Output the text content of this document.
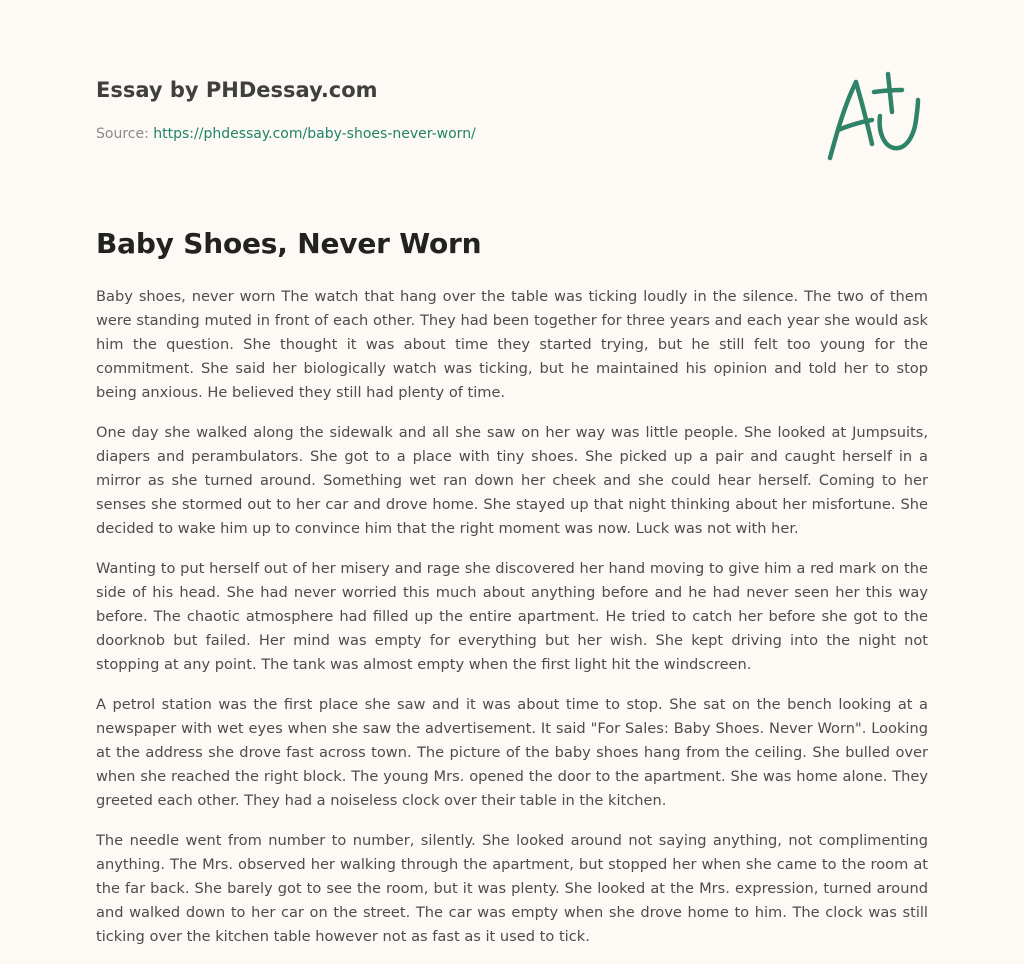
Essay by PHDessay.com
Source: https://phdessay.com/baby-shoes-never-worn/
Baby Shoes, Never Worn

Baby shoes, never worn The watch that hang over the table was ticking loudly in the silence. The two of them were standing muted in front of each other. They had been together for three years and each year she would ask him the question. She thought it was about time they started trying, but he still felt too young for the commitment. She said her biologically watch was ticking, but he maintained his opinion and told her to stop being anxious. He believed they still had plenty of time.

One day she walked along the sidewalk and all she saw on her way was little people. She looked at Jumpsuits, diapers and perambulators. She got to a place with tiny shoes. She picked up a pair and caught herself in a mirror as she turned around. Something wet ran down her cheek and she could hear herself. Coming to her senses she stormed out to her car and drove home. She stayed up that night thinking about her misfortune. She decided to wake him up to convince him that the right moment was now. Luck was not with her.

Wanting to put herself out of her misery and rage she discovered her hand moving to give him a red mark on the side of his head. She had never worried this much about anything before and he had never seen her this way before. The chaotic atmosphere had filled up the entire apartment. He tried to catch her before she got to the doorknob but failed. Her mind was empty for everything but her wish. She kept driving into the night not stopping at any point. The tank was almost empty when the first light hit the windscreen.

A petrol station was the first place she saw and it was about time to stop. She sat on the bench looking at a newspaper with wet eyes when she saw the advertisement. It said "For Sales: Baby Shoes. Never Worn". Looking at the address she drove fast across town. The picture of the baby shoes hang from the ceiling. She bulled over when she reached the right block. The young Mrs. opened the door to the apartment. She was home alone. They greeted each other. They had a noiseless clock over their table in the kitchen.

The needle went from number to number, silently. She looked around not saying anything, not complimenting anything. The Mrs. observed her walking through the apartment, but stopped her when she came to the room at the far back. She barely got to see the room, but it was plenty. She looked at the Mrs. expression, turned around and walked down to her car on the street. The car was empty when she drove home to him. The clock was still ticking over the kitchen table however not as fast as it used to tick.
